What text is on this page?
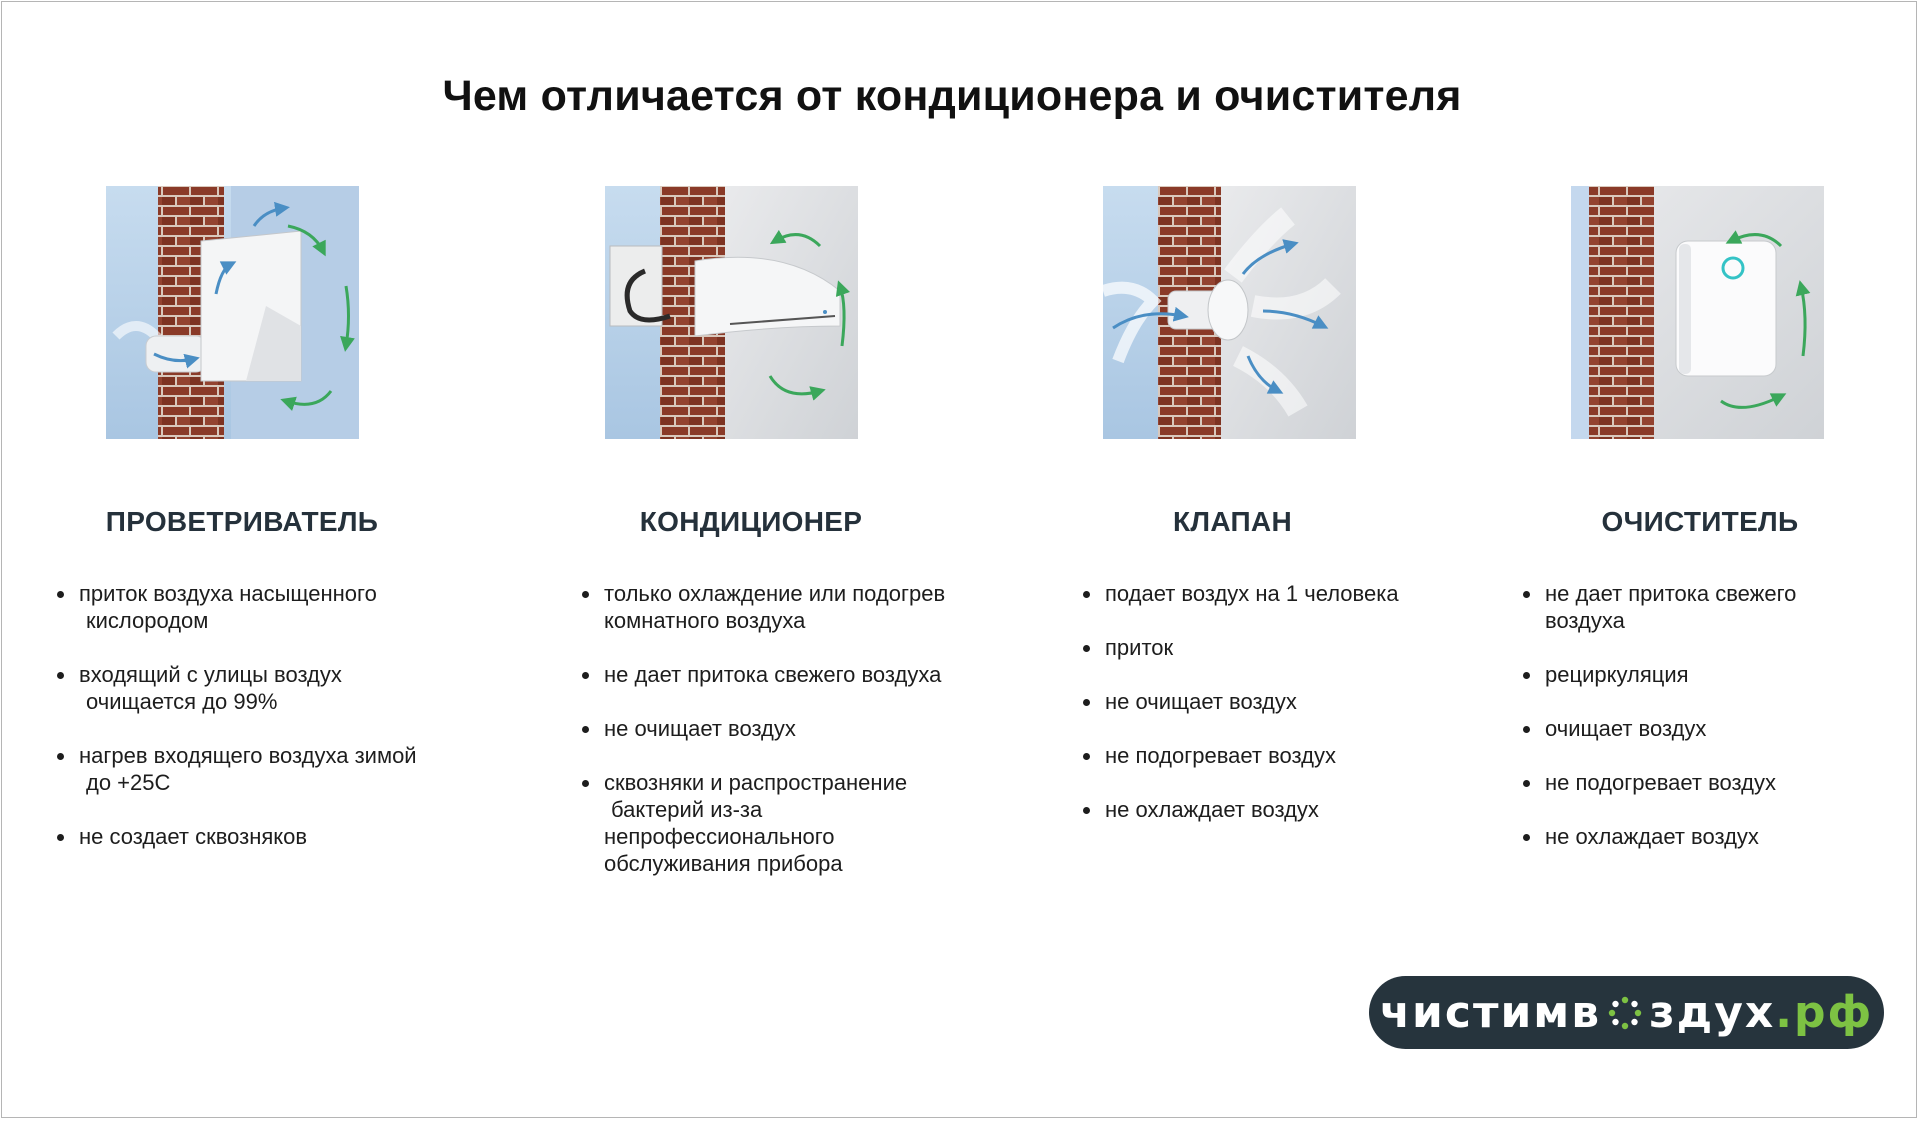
Чем отличается от кондиционера и очистителя
ПРОВЕТРИВАТЕЛЬ	КОНДИЦИОНЕР	КЛАПАН	ОЧИСТИТЕЛЬ
приток воздуха насыщенного
кислородом
входящий с улицы воздух
очищается до 99%
нагрев входящего воздуха зимой
до +25С
не создает сквозняков
только охлаждение или подогрев
комнатного воздуха
не дает притока свежего воздуха
не очищает воздух
сквозняки и распространение
бактерий из-за
непрофессионального
обслуживания прибора
подает воздух на 1 человека
приток
не очищает воздух
не подогревает воздух
не охлаждает воздух
не дает притока свежего
воздуха
рециркуляция
очищает воздух
не подогревает воздух
не охлаждает воздух
чистим в здух .рф
